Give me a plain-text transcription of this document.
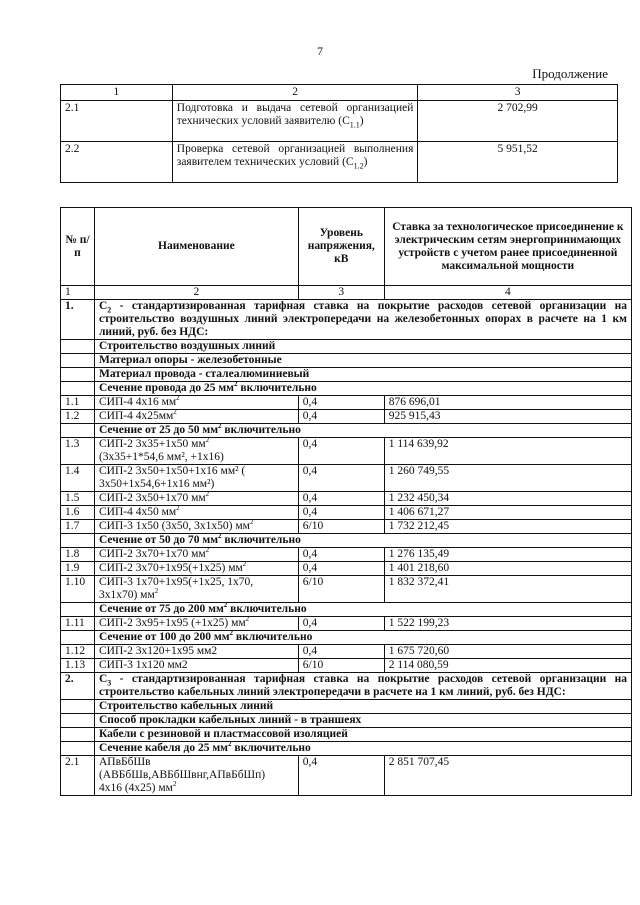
7
Продолжение
1	2	3
2.1	Подготовка и выдача сетевой организацией технических условий заявителю $(С_{1.1})$	2 702,99
2.2	Проверка сетевой организацией выполнения заявителем технических условий $(С_{1.2})$	5 951,52
№ п/п	Наименование	Уровень напряжения, кВ	Ставка за технологическое присоединение к электрическим сетям энергопринимающих устройств с учетом ранее присоединенной максимальной мощности
1	2	3	4
1.	$С_2$ - стандартизированная тарифная ставка на покрытие расходов сетевой организации на строительство воздушных линий электропередачи на железобетонных опорах в расчете на 1 км линий, руб. без НДС:		
	Строительство воздушных линий		
	Материал опоры - железобетонные		
	Материал провода - сталеалюминиевый		
	Сечение провода до 25 $мм^2$ включительно		
1.1	СИП-4 4х16 $мм^2$	0,4	876 696,01
1.2	СИП-4 $4х25мм^2$	0,4	925 915,43
	Сечение от 25 до 50 $мм^2$ включительно		
1.3	СИП-2 3х35+1х50 $мм^2$
(3х35+1*54,6 мм², +1х16)	0,4	1 114 639,92
1.4	СИП-2 3х50+1х50+1х16 мм² (
3х50+1х54,6+1х16 мм²)	0,4	1 260 749,55
1.5	СИП-2 3х50+1х70 $мм^2$	0,4	1 232 450,34
1.6	СИП-4 4х50 $мм^2$	0,4	1 406 671,27
1.7	СИП-3 1х50 (3х50, 3х1х50) $мм^2$	6/10	1 732 212,45
	Сечение от 50 до 70 $мм^2$ включительно		
1.8	СИП-2 3х70+1х70 $мм^2$	0,4	1 276 135,49
1.9	СИП-2 3х70+1х95(+1х25) $мм^2$	0,4	1 401 218,60
1.10	СИП-3 1х70+1х95(+1х25, 1х70,
3х1х70) $мм^2$	6/10	1 832 372,41
	Сечение от 75 до 200 $мм^2$ включительно		
1.11	СИП-2 3х95+1х95 (+1х25) $мм^2$	0,4	1 522 199,23
	Сечение от 100 до 200 $мм^2$ включительно		
1.12	СИП-2 3х120+1х95 мм2	0,4	1 675 720,60
1.13	СИП-3 1х120 мм2	6/10	2 114 080,59
2.	$С_3$ - стандартизированная тарифная ставка на покрытие расходов сетевой организации на строительство кабельных линий электропередачи в расчете на 1 км линий, руб. без НДС:		
	Строительство кабельных линий		
	Способ прокладки кабельных линий - в траншеях		
	Кабели с резиновой и пластмассовой изоляцией		
	Сечение кабеля до 25 $мм^2$ включительно		
2.1	АПвБбШв
(АВБбШв,АВБбШвнг,АПвБбШп)
4х16 (4х25) $мм^2$	0,4	2 851 707,45
